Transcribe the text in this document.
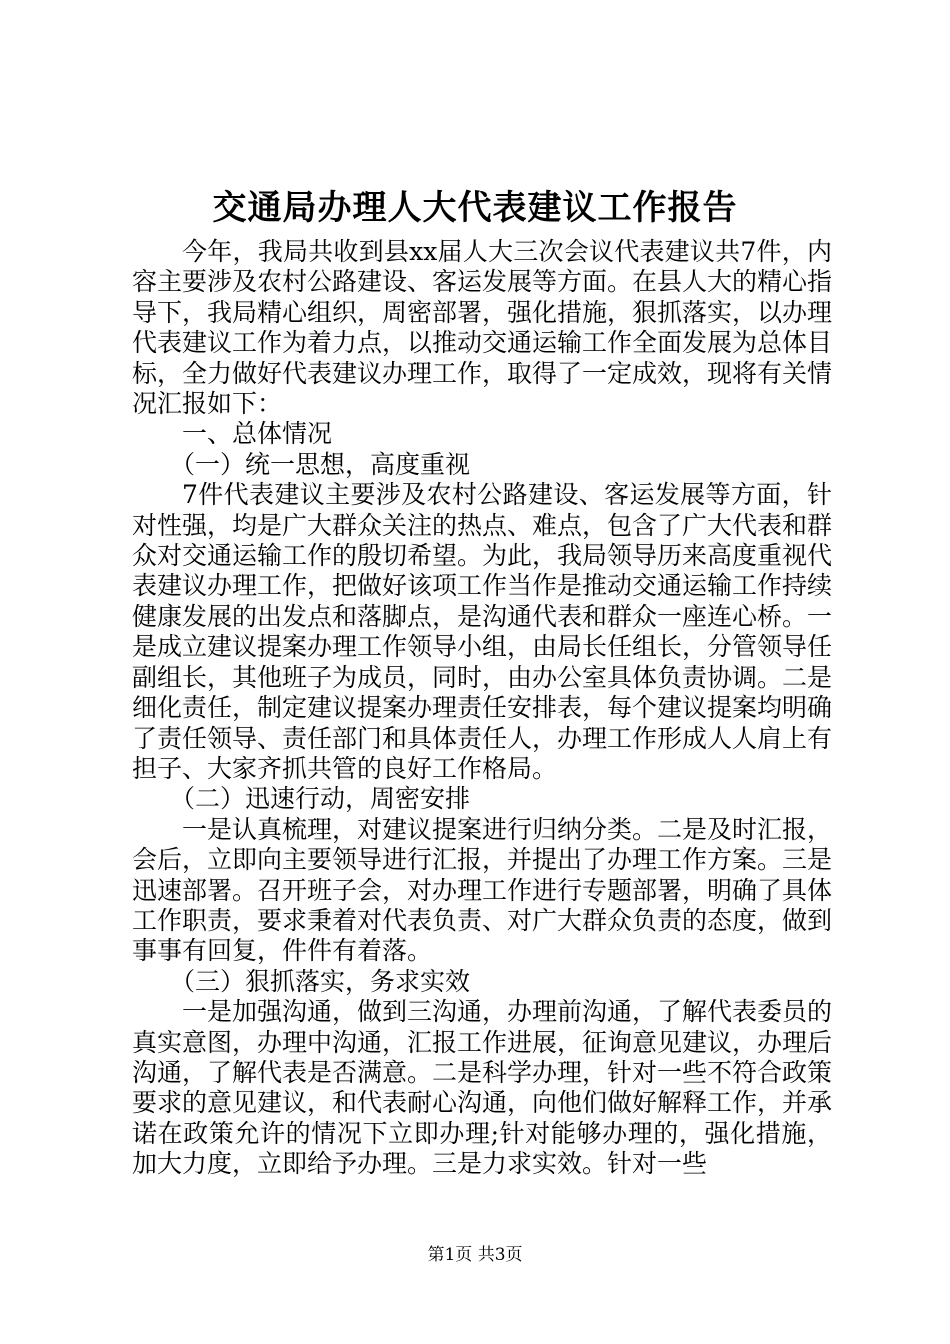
交通局办理人大代表建议工作报告

今年，我局共收到县xx届人大三次会议代表建议共7件，内容主要涉及农村公路建设、客运发展等方面。在县人大的精心指导下，我局精心组织，周密部署，强化措施，狠抓落实，以办理代表建议工作为着力点，以推动交通运输工作全面发展为总体目标，全力做好代表建议办理工作，取得了一定成效，现将有关情况汇报如下：

一、总体情况

（一）统一思想，高度重视

7件代表建议主要涉及农村公路建设、客运发展等方面，针对性强，均是广大群众关注的热点、难点，包含了广大代表和群众对交通运输工作的殷切希望。为此，我局领导历来高度重视代表建议办理工作，把做好该项工作当作是推动交通运输工作持续健康发展的出发点和落脚点，是沟通代表和群众一座连心桥。一是成立建议提案办理工作领导小组，由局长任组长，分管领导任副组长，其他班子为成员，同时，由办公室具体负责协调。二是细化责任，制定建议提案办理责任安排表，每个建议提案均明确了责任领导、责任部门和具体责任人，办理工作形成人人肩上有担子、大家齐抓共管的良好工作格局。

（二）迅速行动，周密安排

一是认真梳理，对建议提案进行归纳分类。二是及时汇报，会后，立即向主要领导进行汇报，并提出了办理工作方案。三是迅速部署。召开班子会，对办理工作进行专题部署，明确了具体工作职责，要求秉着对代表负责、对广大群众负责的态度，做到事事有回复，件件有着落。

（三）狠抓落实，务求实效

一是加强沟通，做到三沟通，办理前沟通，了解代表委员的真实意图，办理中沟通，汇报工作进展，征询意见建议，办理后沟通，了解代表是否满意。二是科学办理，针对一些不符合政策要求的意见建议，和代表耐心沟通，向他们做好解释工作，并承诺在政策允许的情况下立即办理;针对能够办理的，强化措施，加大力度，立即给予办理。三是力求实效。针对一些

第1页 共3页
